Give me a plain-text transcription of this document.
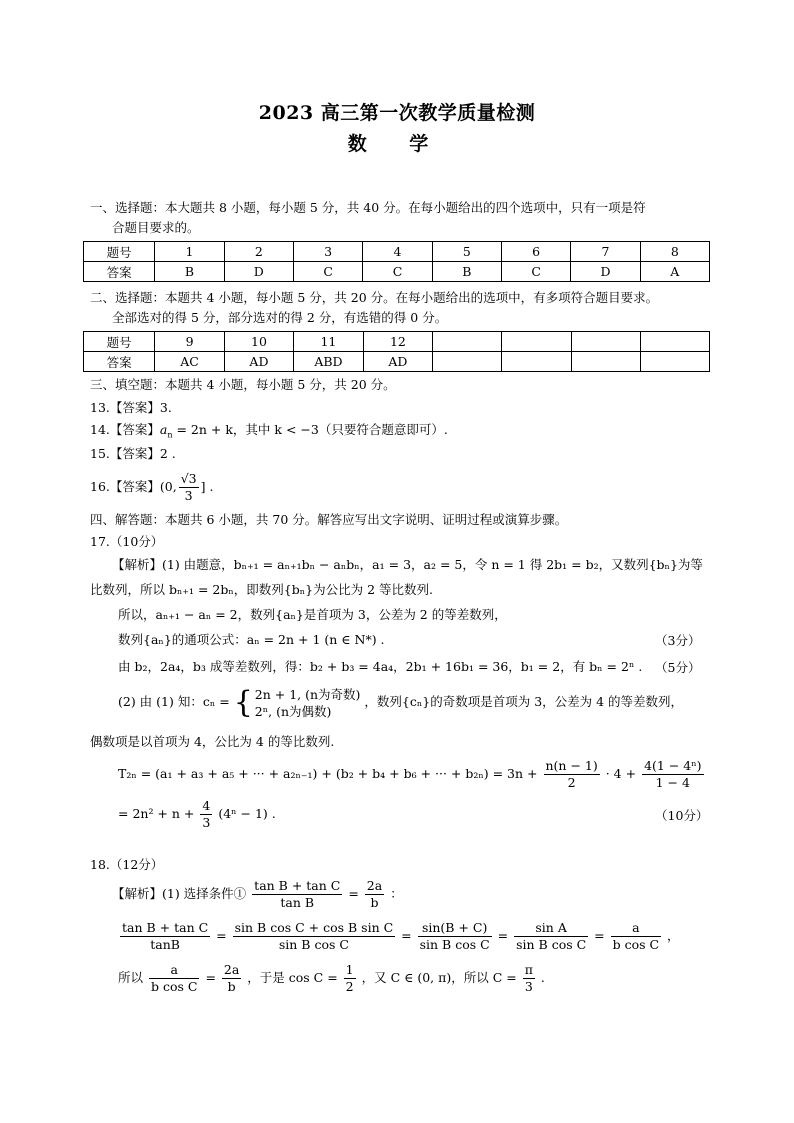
2023 高三第一次教学质量检测
数 学
一、选择题：本大题共 8 小题，每小题 5 分，共 40 分。在每小题给出的四个选项中，只有一项是符
合题目要求的。
题号	1	2	3	4	5	6	7	8
答案	B	D	C	C	B	C	D	A
二、选择题：本题共 4 小题，每小题 5 分，共 20 分。在每小题给出的选项中，有多项符合题目要求。
全部选对的得 5 分，部分选对的得 2 分，有选错的得 0 分。
题号	9	10	11	12				
答案	AC	AD	ABD	AD				
三、填空题：本题共 4 小题，每小题 5 分，共 20 分。
13.【答案】3.
14.【答案】$a_n = 2n + k$，其中 k < −3（只要符合题意即可）.
15.【答案】2 .
16.【答案】(0, $\frac{√3}{3}$ ] .
四、解答题：本题共 6 小题，共 70 分。解答应写出文字说明、证明过程或演算步骤。
17.（10分）
【解析】(1) 由题意，bₙ₊₁ = aₙ₊₁bₙ − aₙbₙ，a₁ = 3，a₂ = 5，令 n = 1 得 2b₁ = b₂，又数列{bₙ}为等
比数列，所以 bₙ₊₁ = 2bₙ，即数列{bₙ}为公比为 2 等比数列.
所以，aₙ₊₁ − aₙ = 2，数列{aₙ}是首项为 3，公差为 2 的等差数列，
数列{aₙ}的通项公式：aₙ = 2n + 1 (n ∈ N*) .	（3分）
由 b₂，2a₄，b₃ 成等差数列，得：b₂ + b₃ = 4a₄，2b₁ + 16b₁ = 36，b₁ = 2，有 bₙ = 2ⁿ . （5分）
(2) 由 (1) 知：cₙ = { 2n + 1, (n为奇数)
2ⁿ, (n为偶数)
，数列{cₙ}的奇数项是首项为 3，公差为 4 的等差数列，
偶数项是以首项为 4，公比为 4 的等比数列.
T₂ₙ = (a₁ + a₃ + a₅ + ··· + a₂ₙ₋₁) + (b₂ + b₄ + b₆ + ··· + $b_{2n}) = 3n + \frac{n(n - 1)}{2} \cdot 4 + \frac{\text{4(1 − 4ⁿ)}}{1 - 4}$
= $2n^2 + n + \frac{4}{3} (4^n - 1)$ .	（10分）
18.（12分）
【解析】(1) 选择条件① $\frac{\text{tan B + tan C}}{\text{tan B}} = \frac{2a}{b}$ ：
$\frac{\text{tan B + tan C}}{\tan B} = \frac{\text{sin B cos C + cos B sin C}}{\text{sin B cos C}} = \frac{\sin(B + C)}{\text{sin B cos C}} = \frac{\text{sin A}}{\text{sin B cos C}} = \frac{a}{\text{b cos C}}$ ，
所以 $\frac{a}{\text{b cos C}} = \frac{2a}{b}$ ，于是 $\cos C = \frac{1}{2}$ ，又 C ∈ (0, π)，所以 $C = \frac{\pi}{3}$ .
